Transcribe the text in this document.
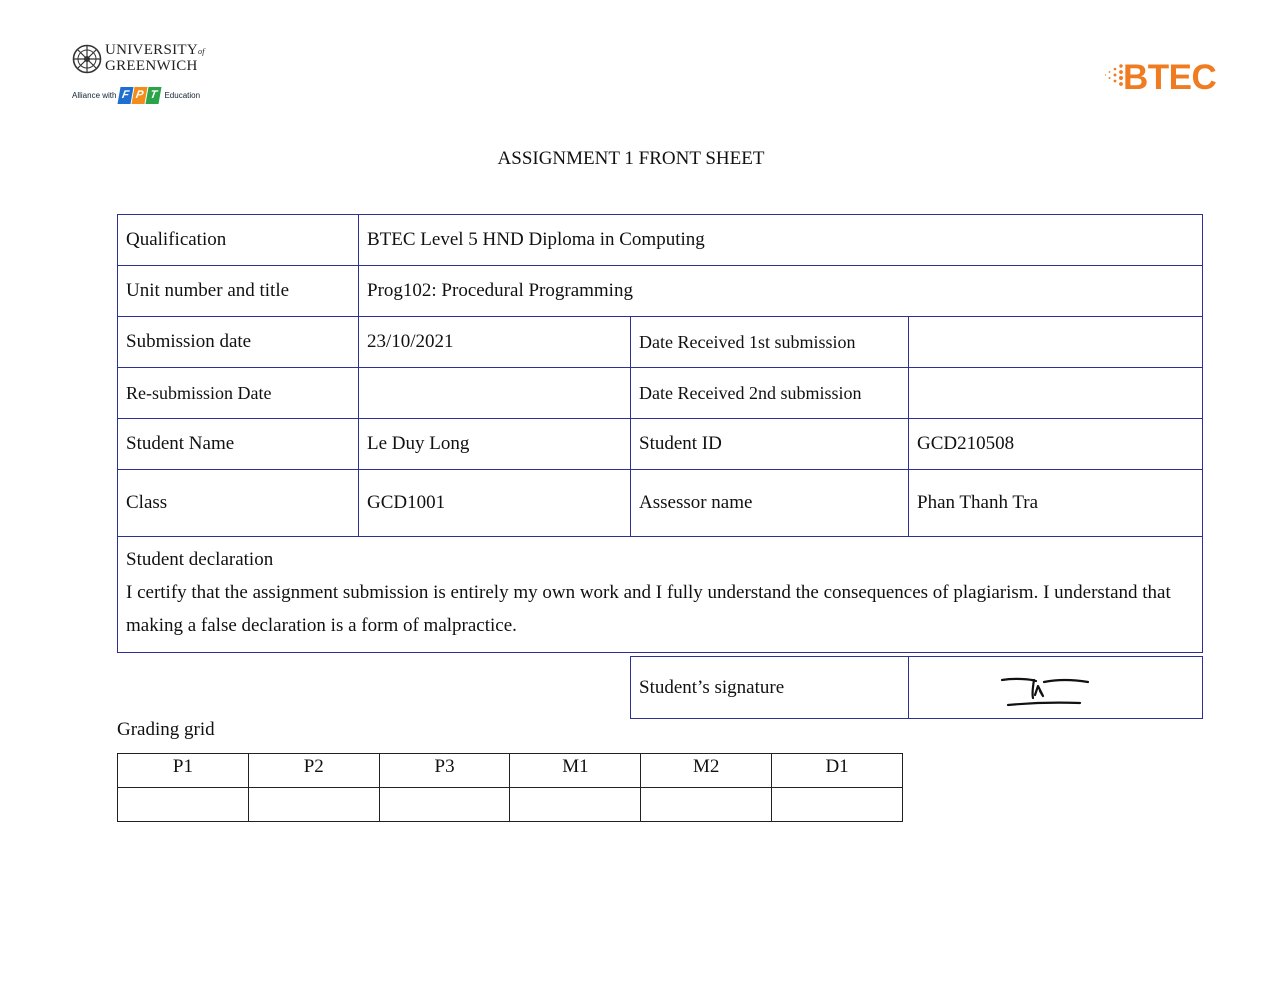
UNIVERSITYof
GREENWICH
Alliance with F P T Education	BTEC
ASSIGNMENT 1 FRONT SHEET
Qualification	BTEC Level 5 HND Diploma in Computing		
Unit number and title	Prog102: Procedural Programming		
Submission date	23/10/2021	Date Received 1st submission	
Re-submission Date		Date Received 2nd submission	
Student Name	Le Duy Long	Student ID	GCD210508
Class	GCD1001	Assessor name	Phan Thanh Tra

Student declaration
I certify that the assignment submission is entirely my own work and I fully understand the consequences of plagiarism. I understand that making a false declaration is a form of malpractice.			
Student’s signature	
Grading grid
P1	P2	P3	M1	M2	D1
